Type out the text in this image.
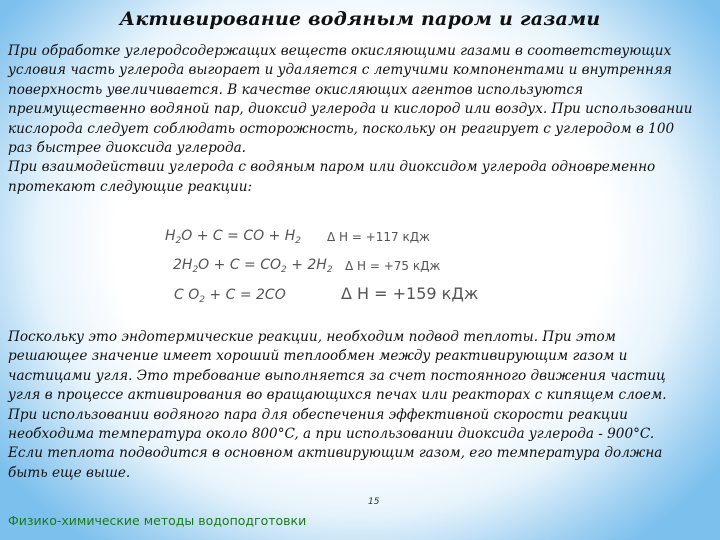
Активирование водяным паром и газами

При обработке углеродсодержащих веществ окисляющими газами в соответствующих

условия часть углерода выгорает и удаляется с летучими компонентами и внутренняя

поверхность увеличивается. В качестве окисляющих агентов используются

преимущественно водяной пар, диоксид углерода и кислород или воздух. При использовании

кислорода следует соблюдать осторожность, поскольку он реагирует с углеродом в 100

раз быстрее диоксида углерода.

При взаимодействии углерода с водяным паром или диоксидом углерода одновременно

протекают следующие реакции:

$H_2O + C$ = CO + $H_2$ Δ H = +117 кДж
$2H_2O + C = CO_2 + 2H_2$ Δ H = +75 кДж
C $O_2 + C = 2CO$	Δ H = +159 кДж

Поскольку это эндотермические реакции, необходим подвод теплоты. При этом

решающее значение имеет хороший теплообмен между реактивирующим газом и

частицами угля. Это требование выполняется за счет постоянного движения частиц

угля в процессе активирования во вращающихся печах или реакторах с кипящем слоем.

При использовании водяного пара для обеспечения эффективной скорости реакции

необходима температура около 800°C, а при использовании диоксида углерода - 900°C.

Если теплота подводится в основном активирующим газом, его температура должна

быть еще выше.

15
Физико-химические методы водоподготовки
